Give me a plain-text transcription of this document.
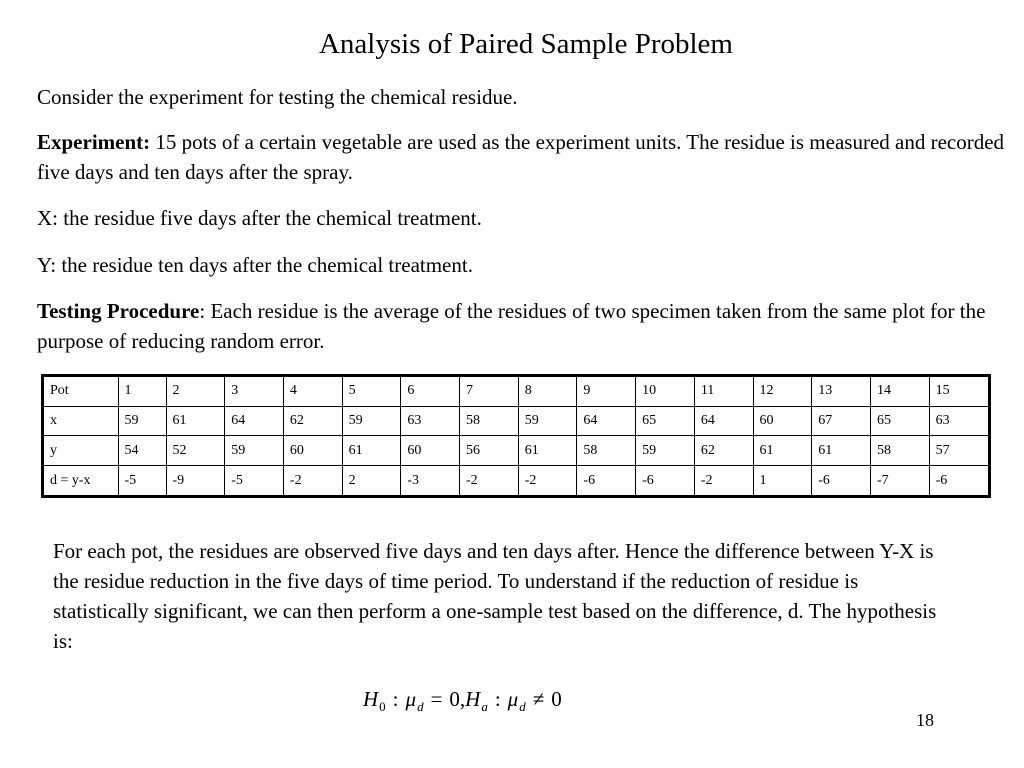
Analysis of Paired Sample Problem
Consider the experiment for testing the chemical residue.
Experiment: 15 pots of a certain vegetable are used as the experiment units. The residue is measured and recorded five days and ten days after the spray.
X: the residue five days after the chemical treatment.
Y: the residue ten days after the chemical treatment.
Testing Procedure: Each residue is the average of the residues of two specimen taken from the same plot for the purpose of reducing random error.
Pot	1	2	3	4	5	6	7	8	9	10	11	12	13	14	15
x	59	61	64	62	59	63	58	59	64	65	64	60	67	65	63
y	54	52	59	60	61	60	56	61	58	59	62	61	61	58	57
d = y-x	-5	-9	-5	-2	2	-3	-2	-2	-6	-6	-2	1	-6	-7	-6
For each pot, the residues are observed five days and ten days after. Hence the difference between Y-X is the residue reduction in the five days of time period. To understand if the reduction of residue is statistically significant, we can then perform a one-sample test based on the difference, d. The hypothesis is:
$H_0$ : $\mu_d = 0,H_a$ : $\mu_d \ne 0$
18
